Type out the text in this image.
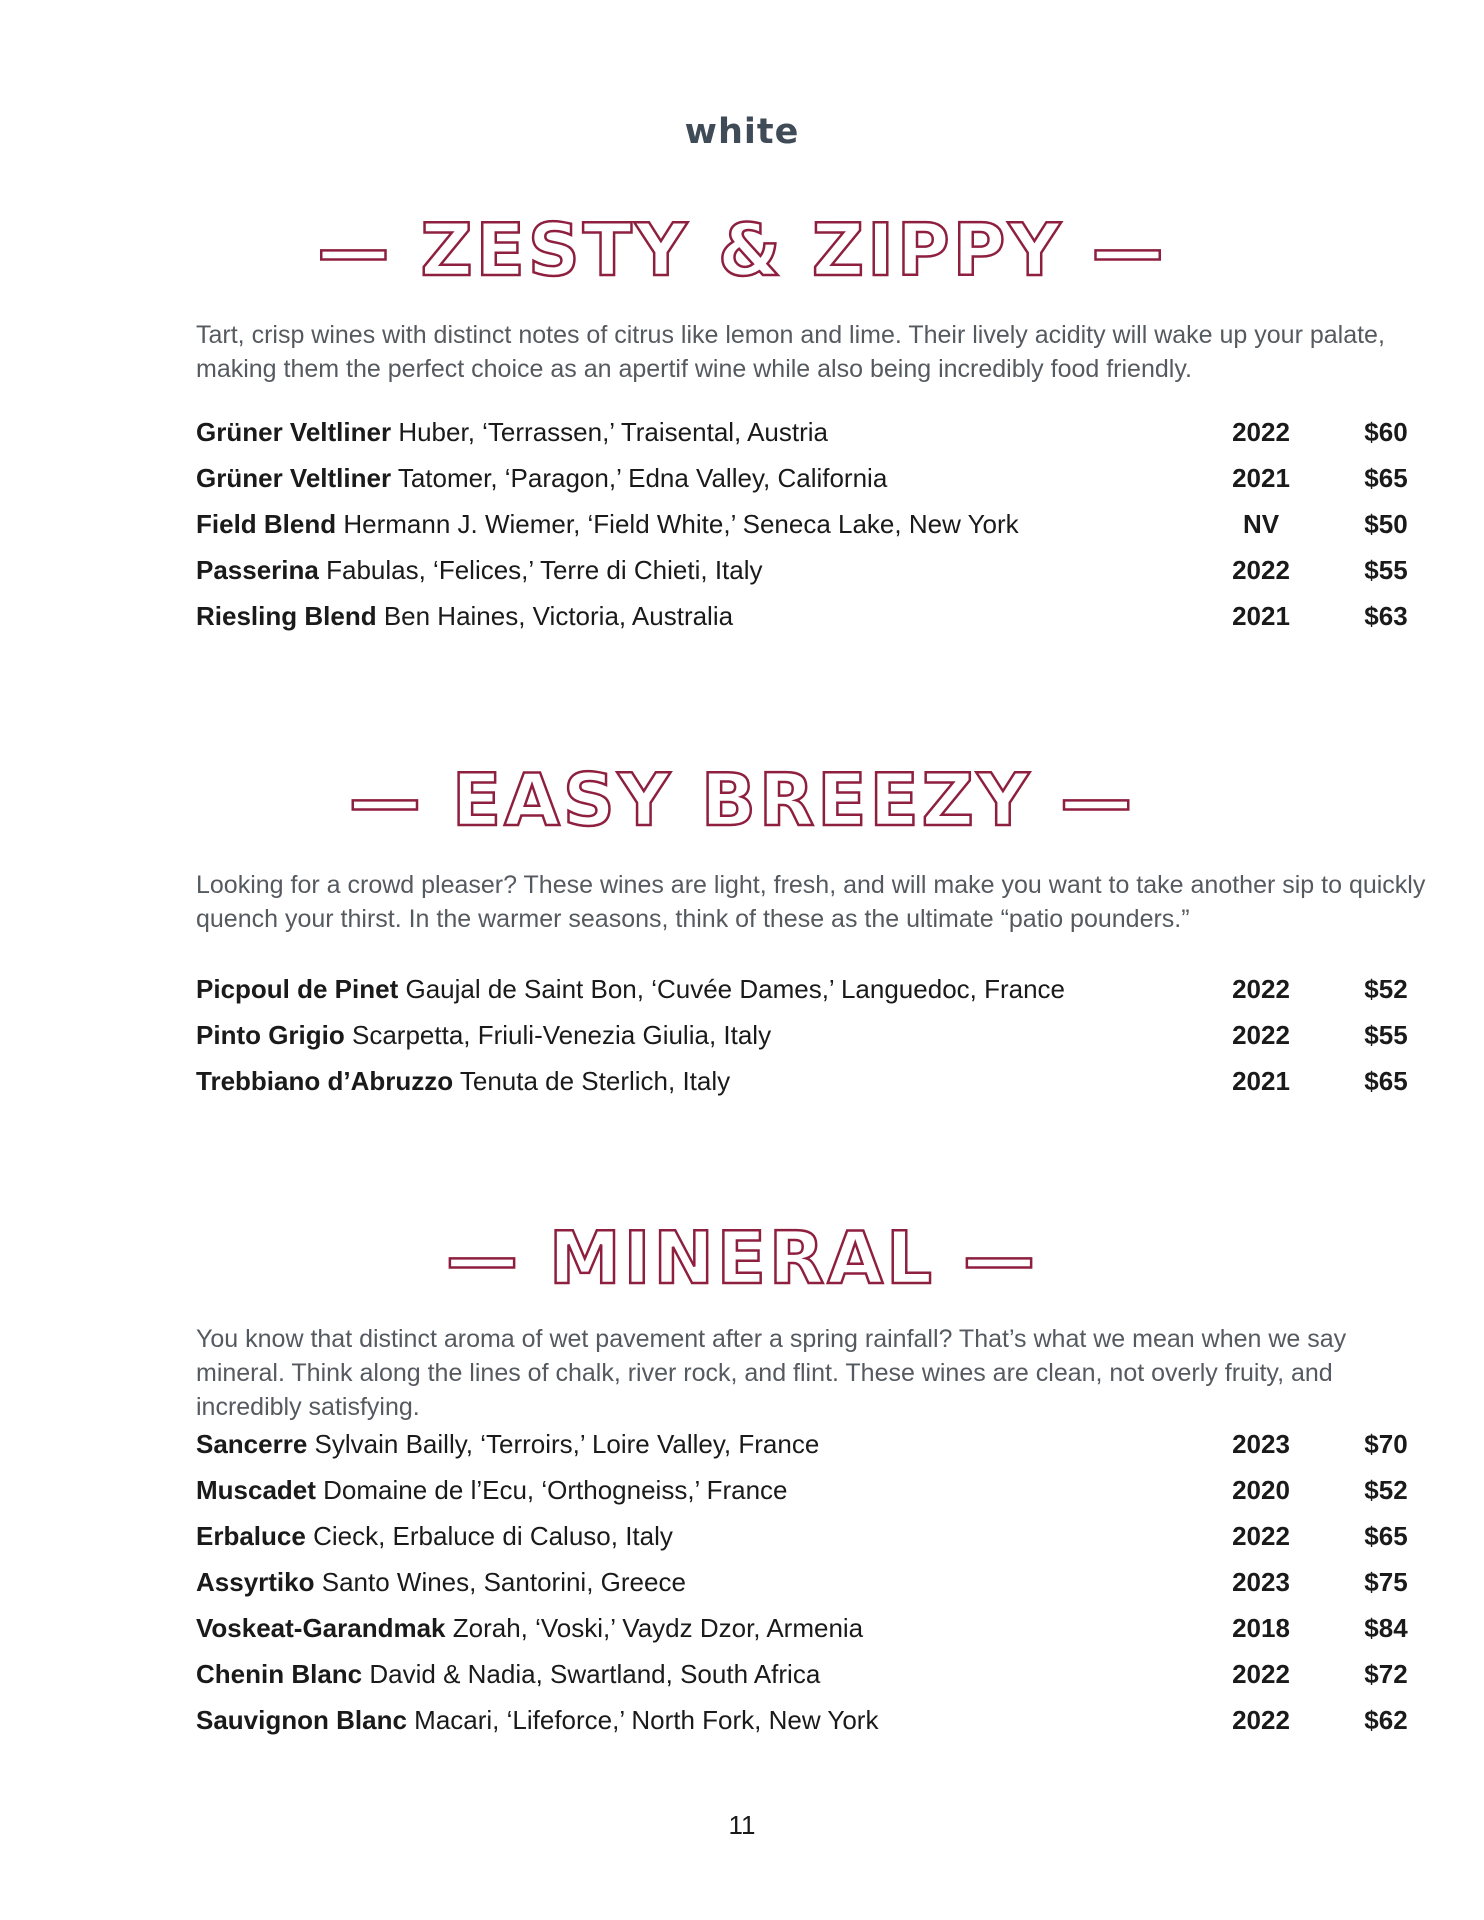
white
— ZESTY & ZIPPY —

Tart, crisp wines with distinct notes of citrus like lemon and lime. Their lively acidity will wake up your palate, making them the perfect choice as an apertif wine while also being incredibly food friendly.

Grüner Veltliner Huber, ‘Terrassen,’ Traisental, Austria	2022	$60
Grüner Veltliner Tatomer, ‘Paragon,’ Edna Valley, California	2021	$65
Field Blend Hermann J. Wiemer, ‘Field White,’ Seneca Lake, New York	NV	$50
Passerina Fabulas, ‘Felices,’ Terre di Chieti, Italy	2022	$55
Riesling Blend Ben Haines, Victoria, Australia	2021	$63
— EASY BREEZY —

Looking for a crowd pleaser? These wines are light, fresh, and will make you want to take another sip to quickly quench your thirst. In the warmer seasons, think of these as the ultimate “patio pounders.”

Picpoul de Pinet Gaujal de Saint Bon, ‘Cuvée Dames,’ Languedoc, France	2022	$52
Pinto Grigio Scarpetta, Friuli-Venezia Giulia, Italy	2022	$55
Trebbiano d’Abruzzo Tenuta de Sterlich, Italy	2021	$65
— MINERAL —

You know that distinct aroma of wet pavement after a spring rainfall? That’s what we mean when we say mineral. Think along the lines of chalk, river rock, and flint. These wines are clean, not overly fruity, and incredibly satisfying.

Sancerre Sylvain Bailly, ‘Terroirs,’ Loire Valley, France	2023	$70
Muscadet Domaine de l’Ecu, ‘Orthogneiss,’ France	2020	$52
Erbaluce Cieck, Erbaluce di Caluso, Italy	2022	$65
Assyrtiko Santo Wines, Santorini, Greece	2023	$75
Voskeat-Garandmak Zorah, ‘Voski,’ Vaydz Dzor, Armenia	2018	$84
Chenin Blanc David & Nadia, Swartland, South Africa	2022	$72
Sauvignon Blanc Macari, ‘Lifeforce,’ North Fork, New York	2022	$62
11
